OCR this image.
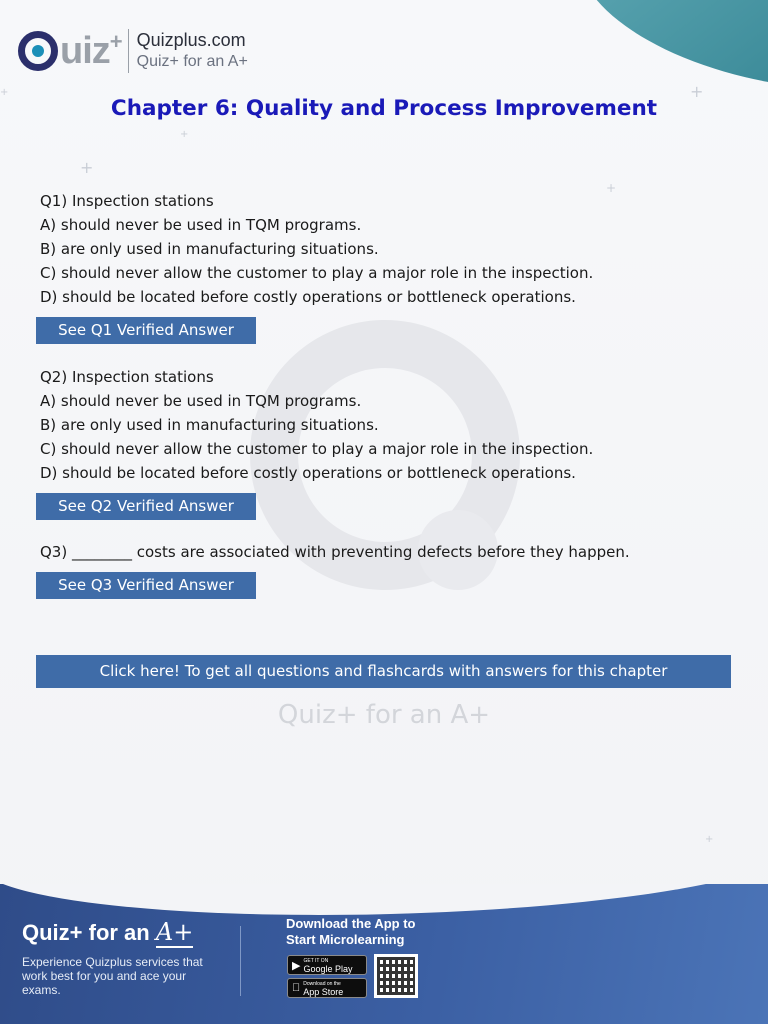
+
+
+
+
+
+
Quiz+ for an A+
uiz + Quizplus.com
Quiz+ for an A+
Chapter 6: Quality and Process Improvement
Q1) Inspection stations
A) should never be used in TQM programs.
B) are only used in manufacturing situations.
C) should never allow the customer to play a major role in the inspection.
D) should be located before costly operations or bottleneck operations.
See Q1 Verified Answer
Q2) Inspection stations
A) should never be used in TQM programs.
B) are only used in manufacturing situations.
C) should never allow the customer to play a major role in the inspection.
D) should be located before costly operations or bottleneck operations.
See Q2 Verified Answer
Q3) ________ costs are associated with preventing defects before they happen.
See Q3 Verified Answer
Click here! To get all questions and flashcards with answers for this chapter
Quiz+ for an A+
Experience Quizplus services that work best for you and ace your exams.
Download the App to
Start Microlearning
▶ GET IT ON
Google Play
Download on the
App Store
